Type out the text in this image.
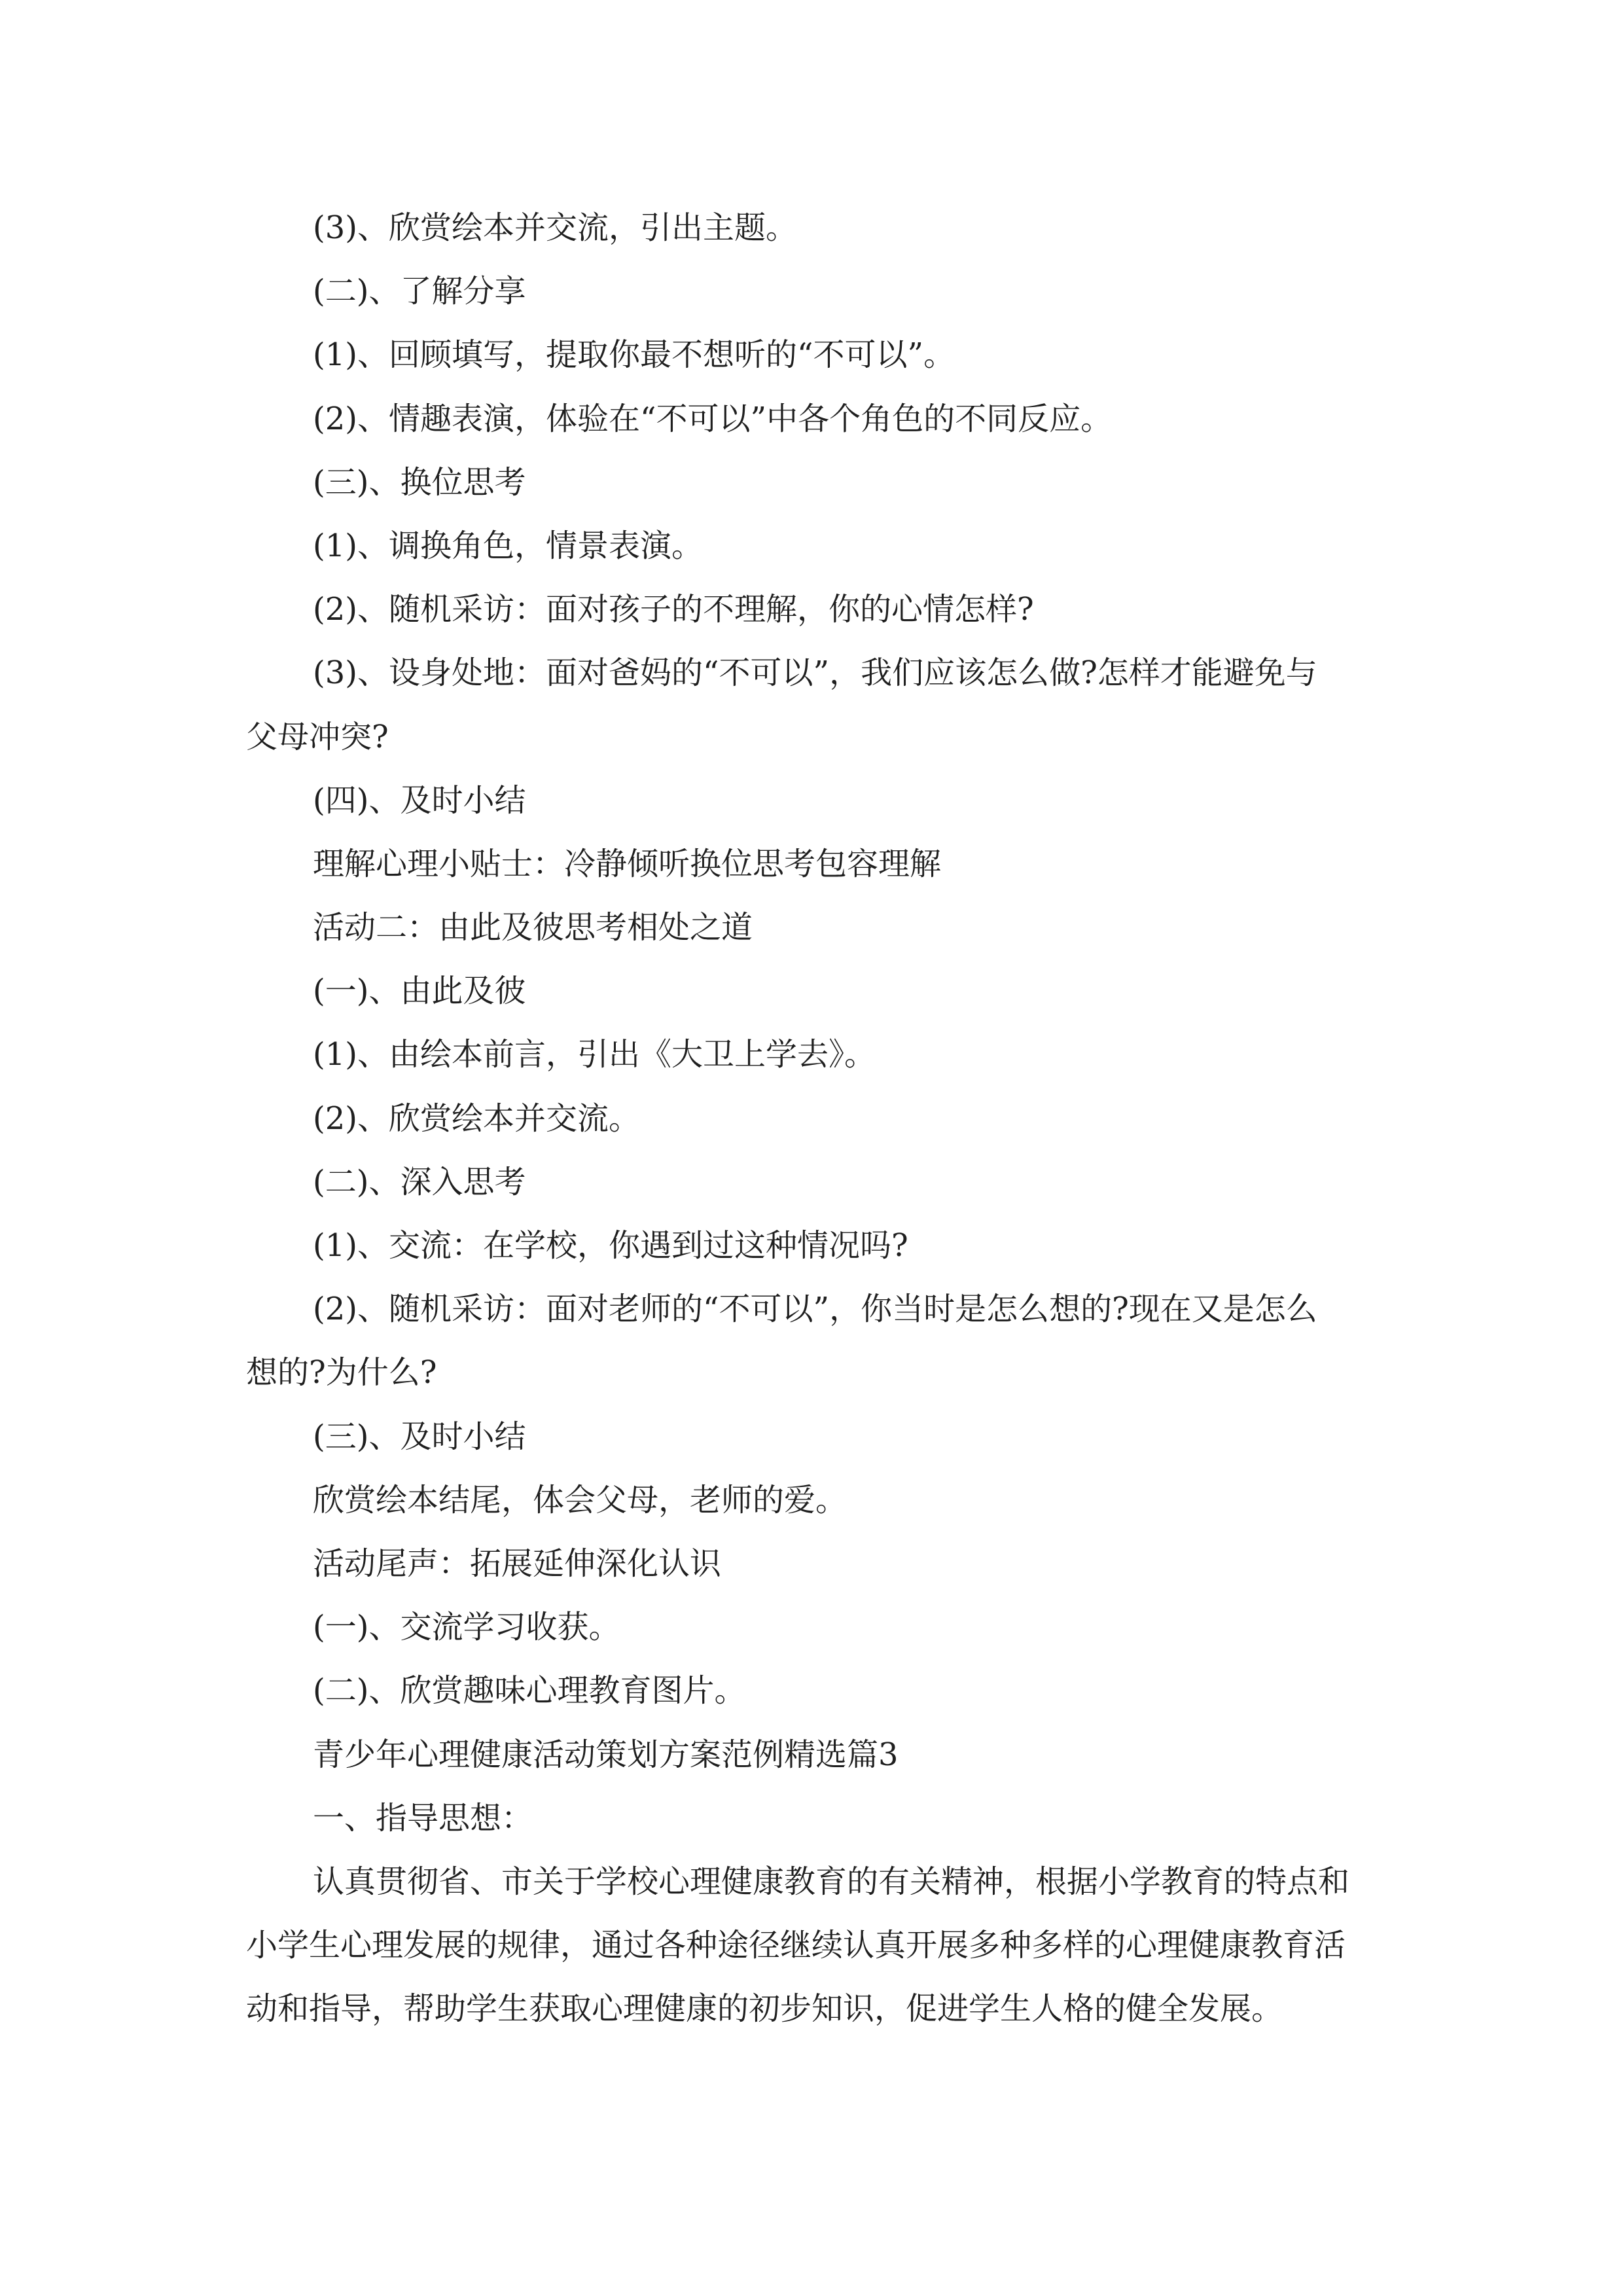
(3)、欣赏绘本并交流，引出主题。
(二)、了解分享
(1)、回顾填写，提取你最不想听的“不可以”。
(2)、情趣表演，体验在“不可以”中各个角色的不同反应。
(三)、换位思考
(1)、调换角色，情景表演。
(2)、随机采访：面对孩子的不理解，你的心情怎样?
(3)、设身处地：面对爸妈的“不可以”，我们应该怎么做?怎样才能避免与
父母冲突?
(四)、及时小结
理解心理小贴士：冷静倾听换位思考包容理解
活动二：由此及彼思考相处之道
(一)、由此及彼
(1)、由绘本前言，引出《大卫上学去》。
(2)、欣赏绘本并交流。
(二)、深入思考
(1)、交流：在学校，你遇到过这种情况吗?
(2)、随机采访：面对老师的“不可以”，你当时是怎么想的?现在又是怎么
想的?为什么?
(三)、及时小结
欣赏绘本结尾，体会父母，老师的爱。
活动尾声：拓展延伸深化认识
(一)、交流学习收获。
(二)、欣赏趣味心理教育图片。
青少年心理健康活动策划方案范例精选篇3
一、指导思想：
认真贯彻省、市关于学校心理健康教育的有关精神，根据小学教育的特点和
小学生心理发展的规律，通过各种途径继续认真开展多种多样的心理健康教育活
动和指导，帮助学生获取心理健康的初步知识，促进学生人格的健全发展。
